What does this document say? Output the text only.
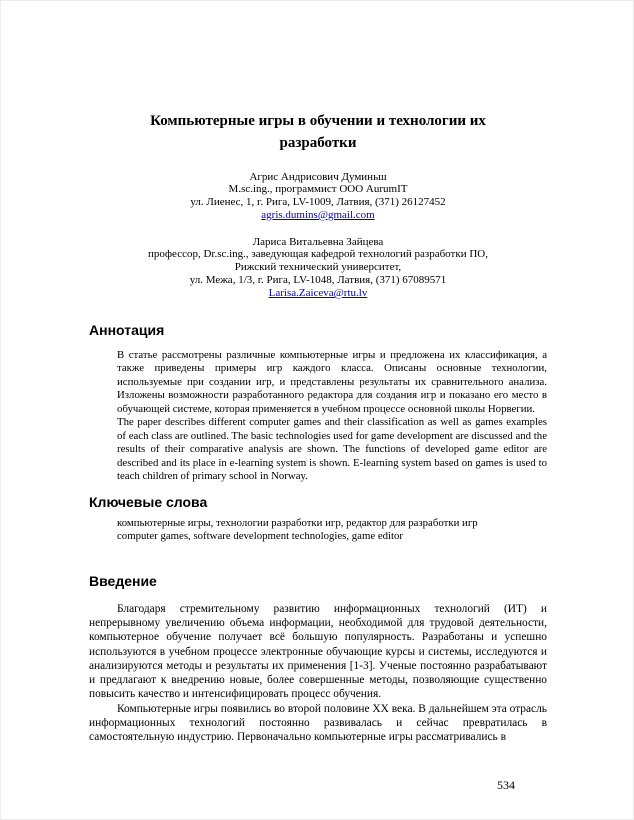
Компьютерные игры в обучении и технологии их разработки
Агрис Андрисович Думиньш
M.sc.ing., программист ООО AurumIT
ул. Лиенес, 1, г. Рига, LV-1009, Латвия, (371) 26127452
agris.dumins@gmail.com
Лариса Витальевна Зайцева
профессор, Dr.sc.ing., заведующая кафедрой технологий разработки ПО,
Рижский технический университет,
ул. Межа, 1/3, г. Рига, LV-1048, Латвия, (371) 67089571
Larisa.Zaiceva@rtu.lv
Аннотация

В статье рассмотрены различные компьютерные игры и предложена их классификация, а также приведены примеры игр каждого класса. Описаны основные технологии, используемые при создании игр, и представлены результаты их сравнительного анализа. Изложены возможности разработанного редактора для создания игр и показано его место в обучающей системе, которая применяется в учебном процессе основной школы Норвегии.

The paper describes different computer games and their classification as well as games examples of each class are outlined. The basic technologies used for game development are discussed and the results of their comparative analysis are shown. The functions of developed game editor are described and its place in e-learning system is shown. E-learning system based on games is used to teach children of primary school in Norway.

Ключевые слова
компьютерные игры, технологии разработки игр, редактор для разработки игр
computer games, software development technologies, game editor
Введение

Благодаря стремительному развитию информационных технологий (ИТ) и непрерывному увеличению объема информации, необходимой для трудовой деятельности, компьютерное обучение получает всё большую популярность. Разработаны и успешно используются в учебном процессе электронные обучающие курсы и системы, исследуются и анализируются методы и результаты их применения [1-3]. Ученые постоянно разрабатывают и предлагают к внедрению новые, более совершенные методы, позволяющие существенно повысить качество и интенсифицировать процесс обучения.

Компьютерные игры появились во второй половине XX века. В дальнейшем эта отрасль информационных технологий постоянно развивалась и сейчас превратилась в самостоятельную индустрию. Первоначально компьютерные игры рассматривались в

534
